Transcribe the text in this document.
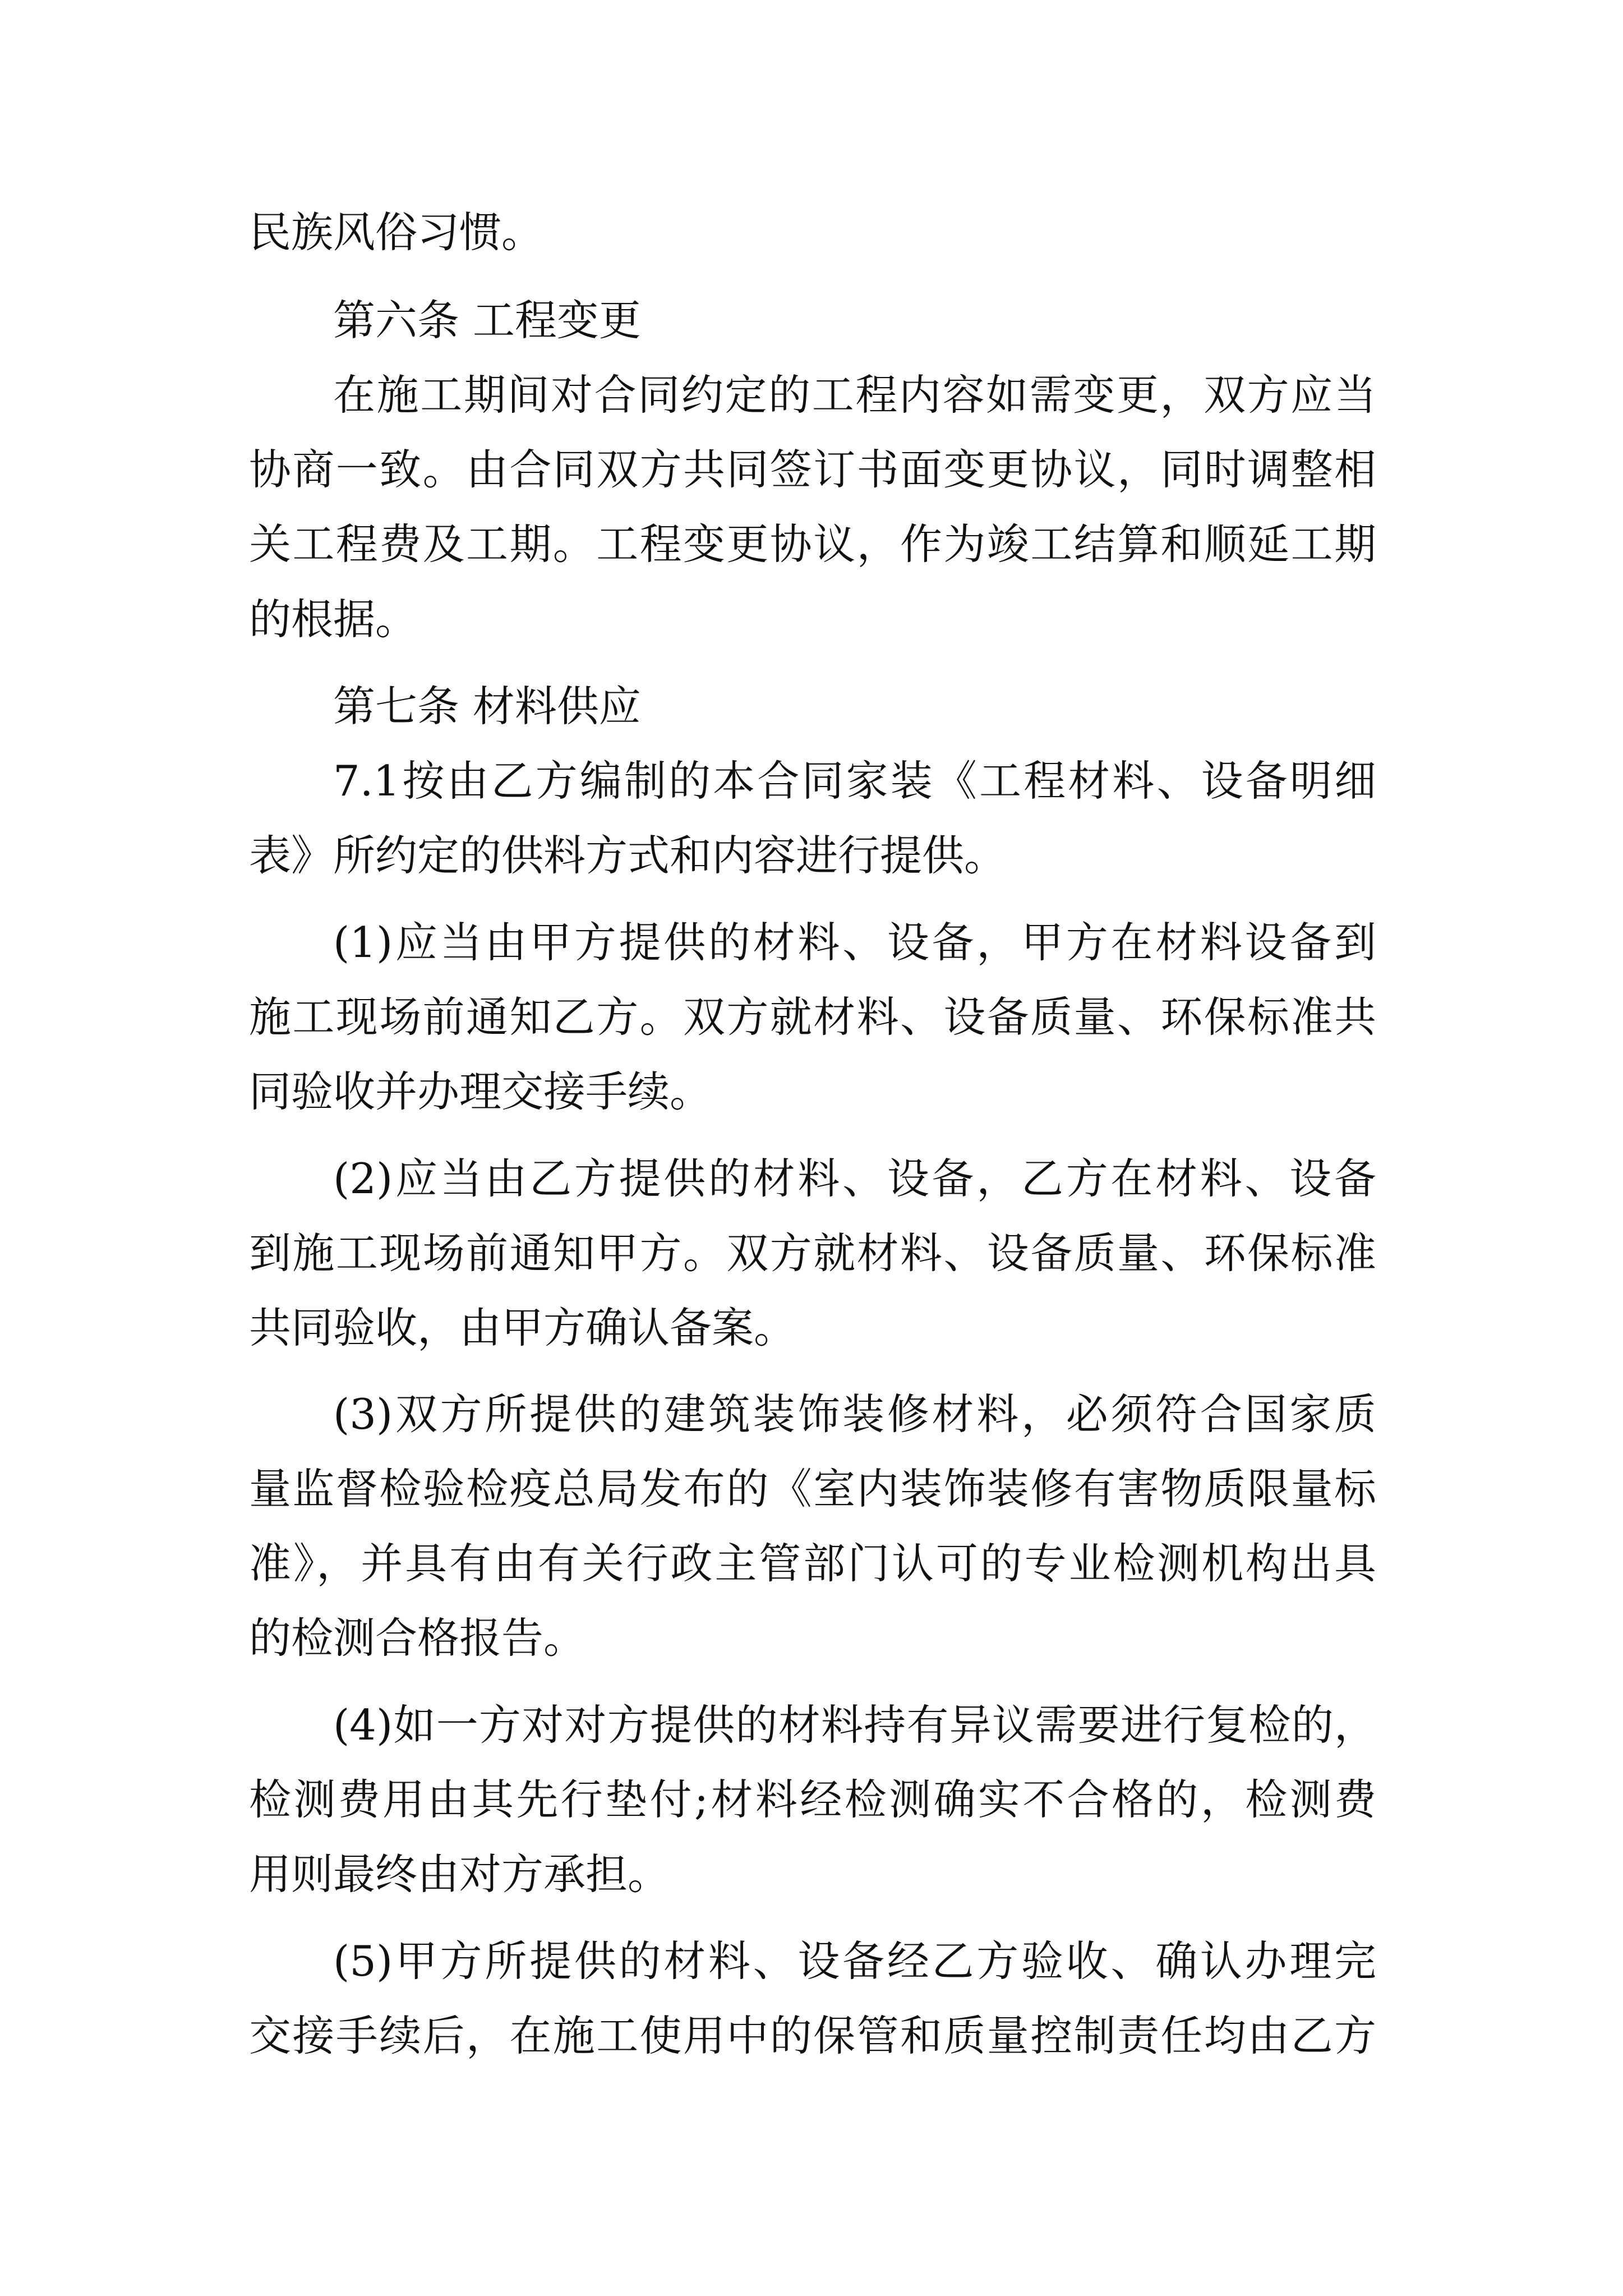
民族风俗习惯。

第六条 工程变更

在施工期间对合同约定的工程内容如需变更，双方应当

协商一致。由合同双方共同签订书面变更协议，同时调整相

关工程费及工期。工程变更协议，作为竣工结算和顺延工期

的根据。

第七条 材料供应

7.1按由乙方编制的本合同家装《工程材料、设备明细

表》所约定的供料方式和内容进行提供。

(1)应当由甲方提供的材料、设备，甲方在材料设备到

施工现场前通知乙方。双方就材料、设备质量、环保标准共

同验收并办理交接手续。

(2)应当由乙方提供的材料、设备，乙方在材料、设备

到施工现场前通知甲方。双方就材料、设备质量、环保标准

共同验收，由甲方确认备案。

(3)双方所提供的建筑装饰装修材料，必须符合国家质

量监督检验检疫总局发布的《室内装饰装修有害物质限量标

准》，并具有由有关行政主管部门认可的专业检测机构出具

的检测合格报告。

(4)如一方对对方提供的材料持有异议需要进行复检的，

检测费用由其先行垫付;材料经检测确实不合格的，检测费

用则最终由对方承担。

(5)甲方所提供的材料、设备经乙方验收、确认办理完

交接手续后，在施工使用中的保管和质量控制责任均由乙方
